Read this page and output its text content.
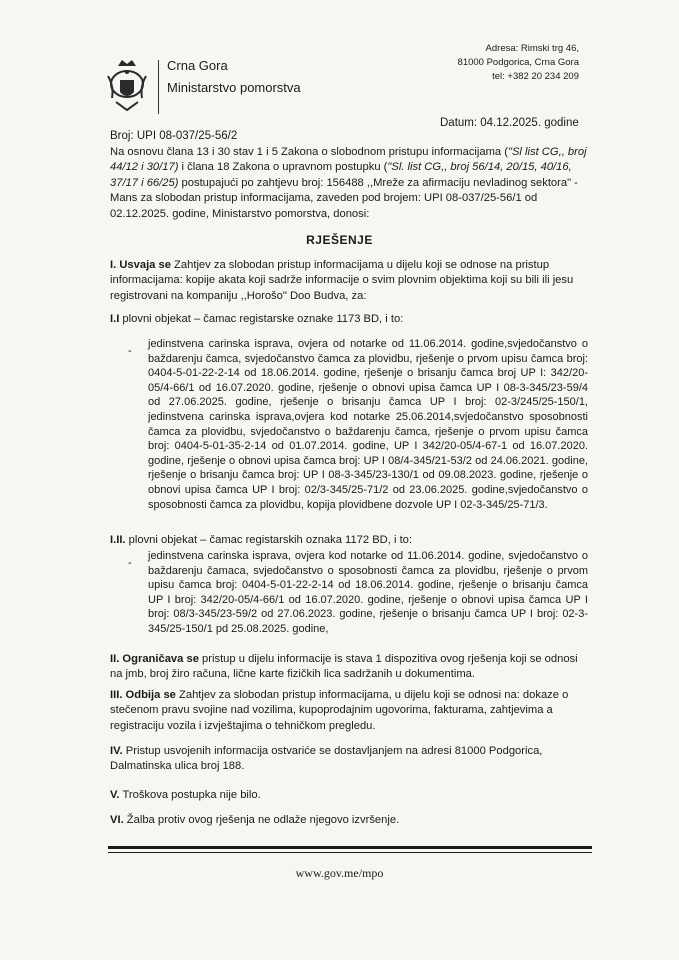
Crna Gora
Ministarstvo pomorstva
Adresa: Rimski trg 46,
81000 Podgorica, Crna Gora
tel: +382 20 234 209
Datum: 04.12.2025. godine
Broj: UPI 08-037/25-56/2
Na osnovu člana 13 i 30 stav 1 i 5 Zakona o slobodnom pristupu informacijama ("Sl list CG,, broj 44/12 i 30/17) i člana 18 Zakona o upravnom postupku ("Sl. list CG,, broj 56/14, 20/15, 40/16, 37/17 i 66/25) postupajući po zahtjevu broj: 156488 ,,Mreže za afirmaciju nevladinog sektora" - Mans za slobodan pristup informacijama, zaveden pod brojem: UPI 08-037/25-56/1 od 02.12.2025. godine, Ministarstvo pomorstva, donosi:
RJEŠENJE
I. Usvaja se Zahtjev za slobodan pristup informacijama u dijelu koji se odnose na pristup informacijama: kopije akata koji sadrže informacije o svim plovnim objektima koji su bili ili jesu registrovani na kompaniju ,,Horošo" Doo Budva, za:
I.I plovni objekat – čamac registarske oznake 1173 BD, i to:
-
jedinstvena carinska isprava, ovjera od notarke od 11.06.2014. godine,svjedočanstvo o baždarenju čamca, svjedočanstvo čamca za plovidbu, rješenje o prvom upisu čamca broj: 0404-5-01-22-2-14 od 18.06.2014. godine, rješenje o brisanju čamca broj UP I: 342/20-05/4-66/1 od 16.07.2020. godine, rješenje o obnovi upisa čamca UP I 08-3-345/23-59/4 od 27.06.2025. godine, rješenje o brisanju čamca UP I broj: 02-3/245/25-150/1, jedinstvena carinska isprava,ovjera kod notarke 25.06.2014,svjedočanstvo sposobnosti čamca za plovidbu, svjedočanstvo o baždarenju čamca, rješenje o prvom upisu čamca broj: 0404-5-01-35-2-14 od 01.07.2014. godine, UP I 342/20-05/4-67-1 od 16.07.2020. godine, rješenje o obnovi upisa čamca broj: UP I 08/4-345/21-53/2 od 24.06.2021. godine, rješenje o brisanju čamca broj: UP I 08-3-345/23-130/1 od 09.08.2023. godine, rješenje o obnovi upisa čamca UP I broj: 02/3-345/25-71/2 od 23.06.2025. godine,svjedočanstvo o sposobnosti čamca za plovidbu, kopija plovidbene dozvole UP I 02-3-345/25-71/3.
I.II. plovni objekat – čamac registarskih oznaka 1172 BD, i to:
-
jedinstvena carinska isprava, ovjera kod notarke od 11.06.2014. godine, svjedočanstvo o baždarenju čamaca, svjedočanstvo o sposobnosti čamca za plovidbu, rješenje o prvom upisu čamca broj: 0404-5-01-22-2-14 od 18.06.2014. godine, rješenje o brisanju čamca UP I broj: 342/20-05/4-66/1 od 16.07.2020. godine, rješenje o obnovi upisa čamca UP I broj: 08/3-345/23-59/2 od 27.06.2023. godine, rješenje o brisanju čamca UP I broj: 02-3-345/25-150/1 pd 25.08.2025. godine,
II. Ograničava se pristup u dijelu informacije is stava 1 dispozitiva ovog rješenja koji se odnosi na jmb, broj žiro računa, lične karte fizičkih lica sadržanih u dokumentima.
III. Odbija se Zahtjev za slobodan pristup informacijama, u dijelu koji se odnosi na: dokaze o stečenom pravu svojine nad vozilima, kupoprodajnim ugovorima, fakturama, zahtjevima a registraciju vozila i izvještajima o tehničkom pregledu.
IV. Pristup usvojenih informacija ostvariće se dostavljanjem na adresi 81000 Podgorica, Dalmatinska ulica broj 188.
V. Troškova postupka nije bilo.
VI. Žalba protiv ovog rješenja ne odlaže njegovo izvršenje.
www.gov.me/mpo
